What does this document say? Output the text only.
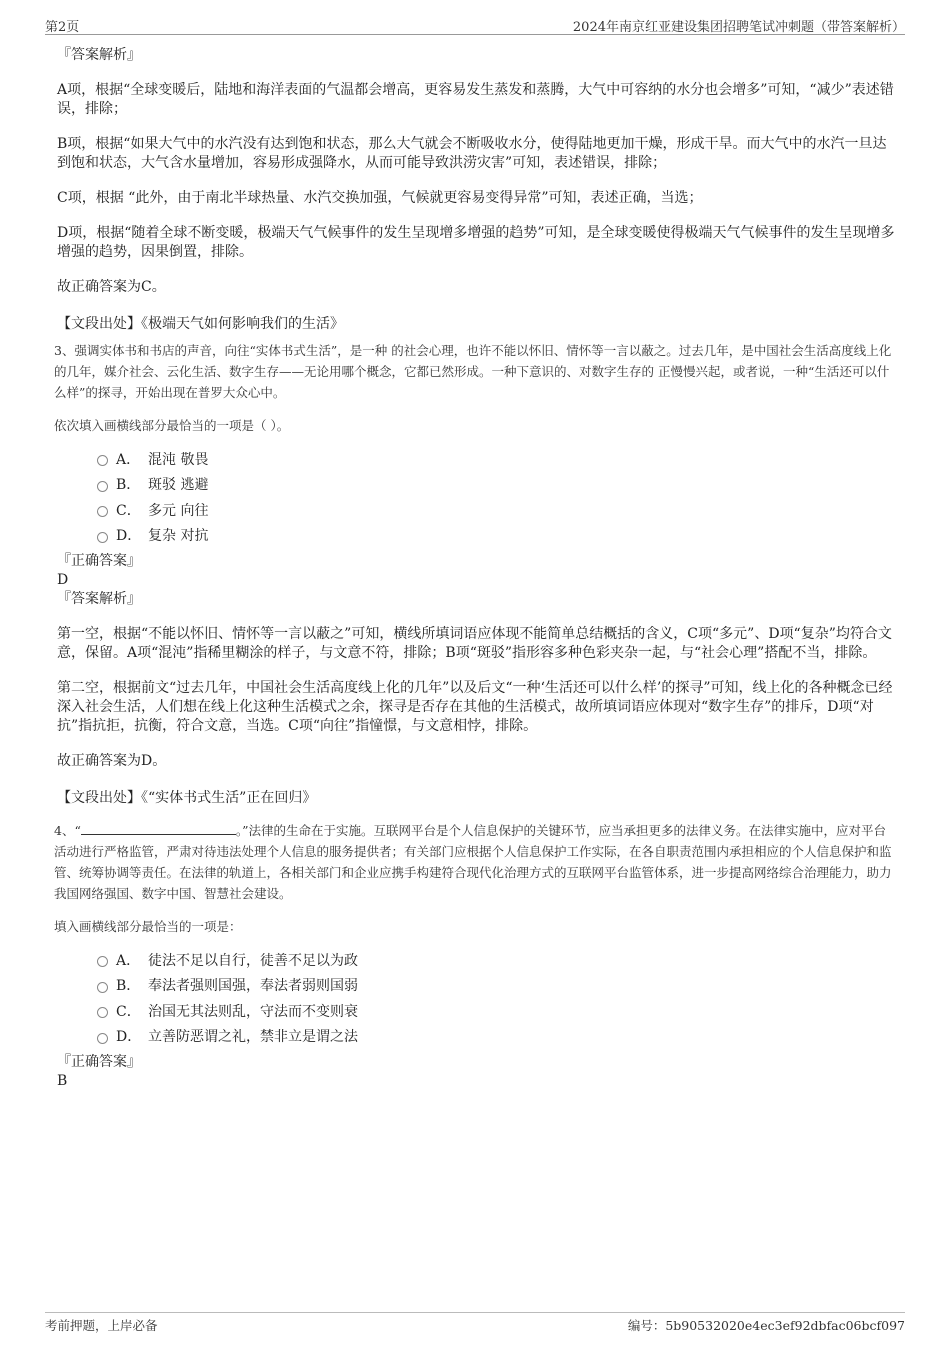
第2页	2024年南京红亚建设集团招聘笔试冲刺题（带答案解析）

『答案解析』

A项，根据“全球变暖后，陆地和海洋表面的气温都会增高，更容易发生蒸发和蒸腾，大气中可容纳的水分也会增多”可知，“减少”表述错误，排除；

B项，根据“如果大气中的水汽没有达到饱和状态，那么大气就会不断吸收水分，使得陆地更加干燥，形成干旱。而大气中的水汽一旦达到饱和状态，大气含水量增加，容易形成强降水，从而可能导致洪涝灾害”可知，表述错误，排除；

C项，根据 “此外，由于南北半球热量、水汽交换加强，气候就更容易变得异常”可知，表述正确，当选；

D项，根据“随着全球不断变暖，极端天气气候事件的发生呈现增多增强的趋势”可知，是全球变暖使得极端天气气候事件的发生呈现增多增强的趋势，因果倒置，排除。

故正确答案为C。

【文段出处】《极端天气如何影响我们的生活》

3、强调实体书和书店的声音，向往“实体书式生活”，是一种 的社会心理，也许不能以怀旧、情怀等一言以蔽之。过去几年，是中国社会生活高度线上化的几年，媒介社会、云化生活、数字生存——无论用哪个概念，它都已然形成。一种下意识的、对数字生存的 正慢慢兴起，或者说，一种“生活还可以什么样”的探寻，开始出现在普罗大众心中。

依次填入画横线部分最恰当的一项是（ ）。

A． 混沌 敬畏
B． 斑驳 逃避
C． 多元 向往
D． 复杂 对抗

『正确答案』

D

『答案解析』

第一空，根据“不能以怀旧、情怀等一言以蔽之”可知，横线所填词语应体现不能简单总结概括的含义，C项“多元”、D项“复杂”均符合文意，保留。A项“混沌”指稀里糊涂的样子，与文意不符，排除；B项“斑驳”指形容多种色彩夹杂一起，与“社会心理”搭配不当，排除。

第二空，根据前文“过去几年，中国社会生活高度线上化的几年”以及后文“一种‘生活还可以什么样’的探寻”可知，线上化的各种概念已经深入社会生活，人们想在线上化这种生活模式之余，探寻是否存在其他的生活模式，故所填词语应体现对“数字生存”的排斥，D项“对抗”指抗拒，抗衡，符合文意，当选。C项“向往”指憧憬，与文意相悖，排除。

故正确答案为D。

【文段出处】《“实体书式生活”正在回归》

4、“	。”法律的生命在于实施。互联网平台是个人信息保护的关键环节，应当承担更多的法律义务。在法律实施中，应对平台活动进行严格监管，严肃对待违法处理个人信息的服务提供者；有关部门应根据个人信息保护工作实际，在各自职责范围内承担相应的个人信息保护和监管、统筹协调等责任。在法律的轨道上，各相关部门和企业应携手构建符合现代化治理方式的互联网平台监管体系，进一步提高网络综合治理能力，助力我国网络强国、数字中国、智慧社会建设。

填入画横线部分最恰当的一项是：

A． 徒法不足以自行，徒善不足以为政
B． 奉法者强则国强，奉法者弱则国弱
C． 治国无其法则乱，守法而不变则衰
D． 立善防恶谓之礼，禁非立是谓之法

『正确答案』

B

考前押题，上岸必备	编号：5b90532020e4ec3ef92dbfac06bcf097
